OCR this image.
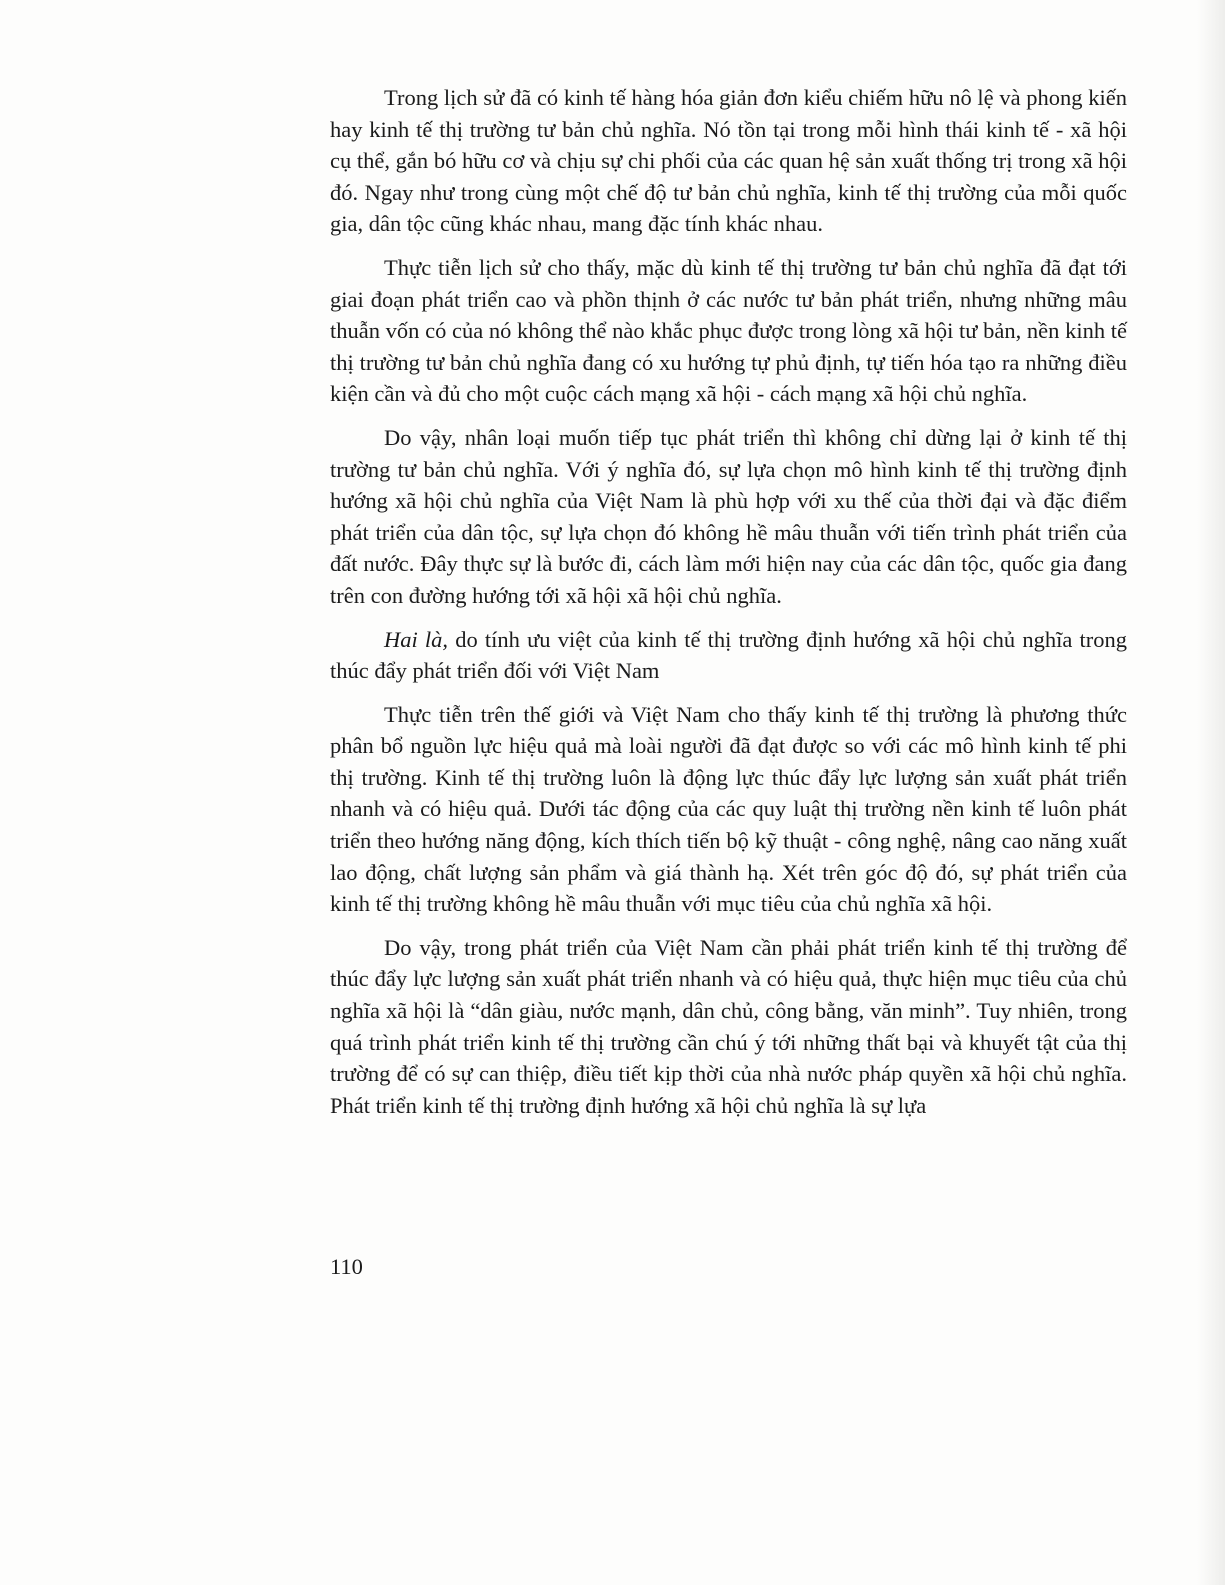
Trong lịch sử đã có kinh tế hàng hóa giản đơn kiểu chiếm hữu nô lệ và phong kiến hay kinh tế thị trường tư bản chủ nghĩa. Nó tồn tại trong mỗi hình thái kinh tế - xã hội cụ thể, gắn bó hữu cơ và chịu sự chi phối của các quan hệ sản xuất thống trị trong xã hội đó. Ngay như trong cùng một chế độ tư bản chủ nghĩa, kinh tế thị trường của mỗi quốc gia, dân tộc cũng khác nhau, mang đặc tính khác nhau.

Thực tiễn lịch sử cho thấy, mặc dù kinh tế thị trường tư bản chủ nghĩa đã đạt tới giai đoạn phát triển cao và phồn thịnh ở các nước tư bản phát triển, nhưng những mâu thuẫn vốn có của nó không thể nào khắc phục được trong lòng xã hội tư bản, nền kinh tế thị trường tư bản chủ nghĩa đang có xu hướng tự phủ định, tự tiến hóa tạo ra những điều kiện cần và đủ cho một cuộc cách mạng xã hội - cách mạng xã hội chủ nghĩa.

Do vậy, nhân loại muốn tiếp tục phát triển thì không chỉ dừng lại ở kinh tế thị trường tư bản chủ nghĩa. Với ý nghĩa đó, sự lựa chọn mô hình kinh tế thị trường định hướng xã hội chủ nghĩa của Việt Nam là phù hợp với xu thế của thời đại và đặc điểm phát triển của dân tộc, sự lựa chọn đó không hề mâu thuẫn với tiến trình phát triển của đất nước. Đây thực sự là bước đi, cách làm mới hiện nay của các dân tộc, quốc gia đang trên con đường hướng tới xã hội xã hội chủ nghĩa.

Hai là, do tính ưu việt của kinh tế thị trường định hướng xã hội chủ nghĩa trong thúc đẩy phát triển đối với Việt Nam

Thực tiễn trên thế giới và Việt Nam cho thấy kinh tế thị trường là phương thức phân bổ nguồn lực hiệu quả mà loài người đã đạt được so với các mô hình kinh tế phi thị trường. Kinh tế thị trường luôn là động lực thúc đẩy lực lượng sản xuất phát triển nhanh và có hiệu quả. Dưới tác động của các quy luật thị trường nền kinh tế luôn phát triển theo hướng năng động, kích thích tiến bộ kỹ thuật - công nghệ, nâng cao năng xuất lao động, chất lượng sản phẩm và giá thành hạ. Xét trên góc độ đó, sự phát triển của kinh tế thị trường không hề mâu thuẫn với mục tiêu của chủ nghĩa xã hội.

Do vậy, trong phát triển của Việt Nam cần phải phát triển kinh tế thị trường để thúc đẩy lực lượng sản xuất phát triển nhanh và có hiệu quả, thực hiện mục tiêu của chủ nghĩa xã hội là “dân giàu, nước mạnh, dân chủ, công bằng, văn minh”. Tuy nhiên, trong quá trình phát triển kinh tế thị trường cần chú ý tới những thất bại và khuyết tật của thị trường để có sự can thiệp, điều tiết kịp thời của nhà nước pháp quyền xã hội chủ nghĩa. Phát triển kinh tế thị trường định hướng xã hội chủ nghĩa là sự lựa

110
